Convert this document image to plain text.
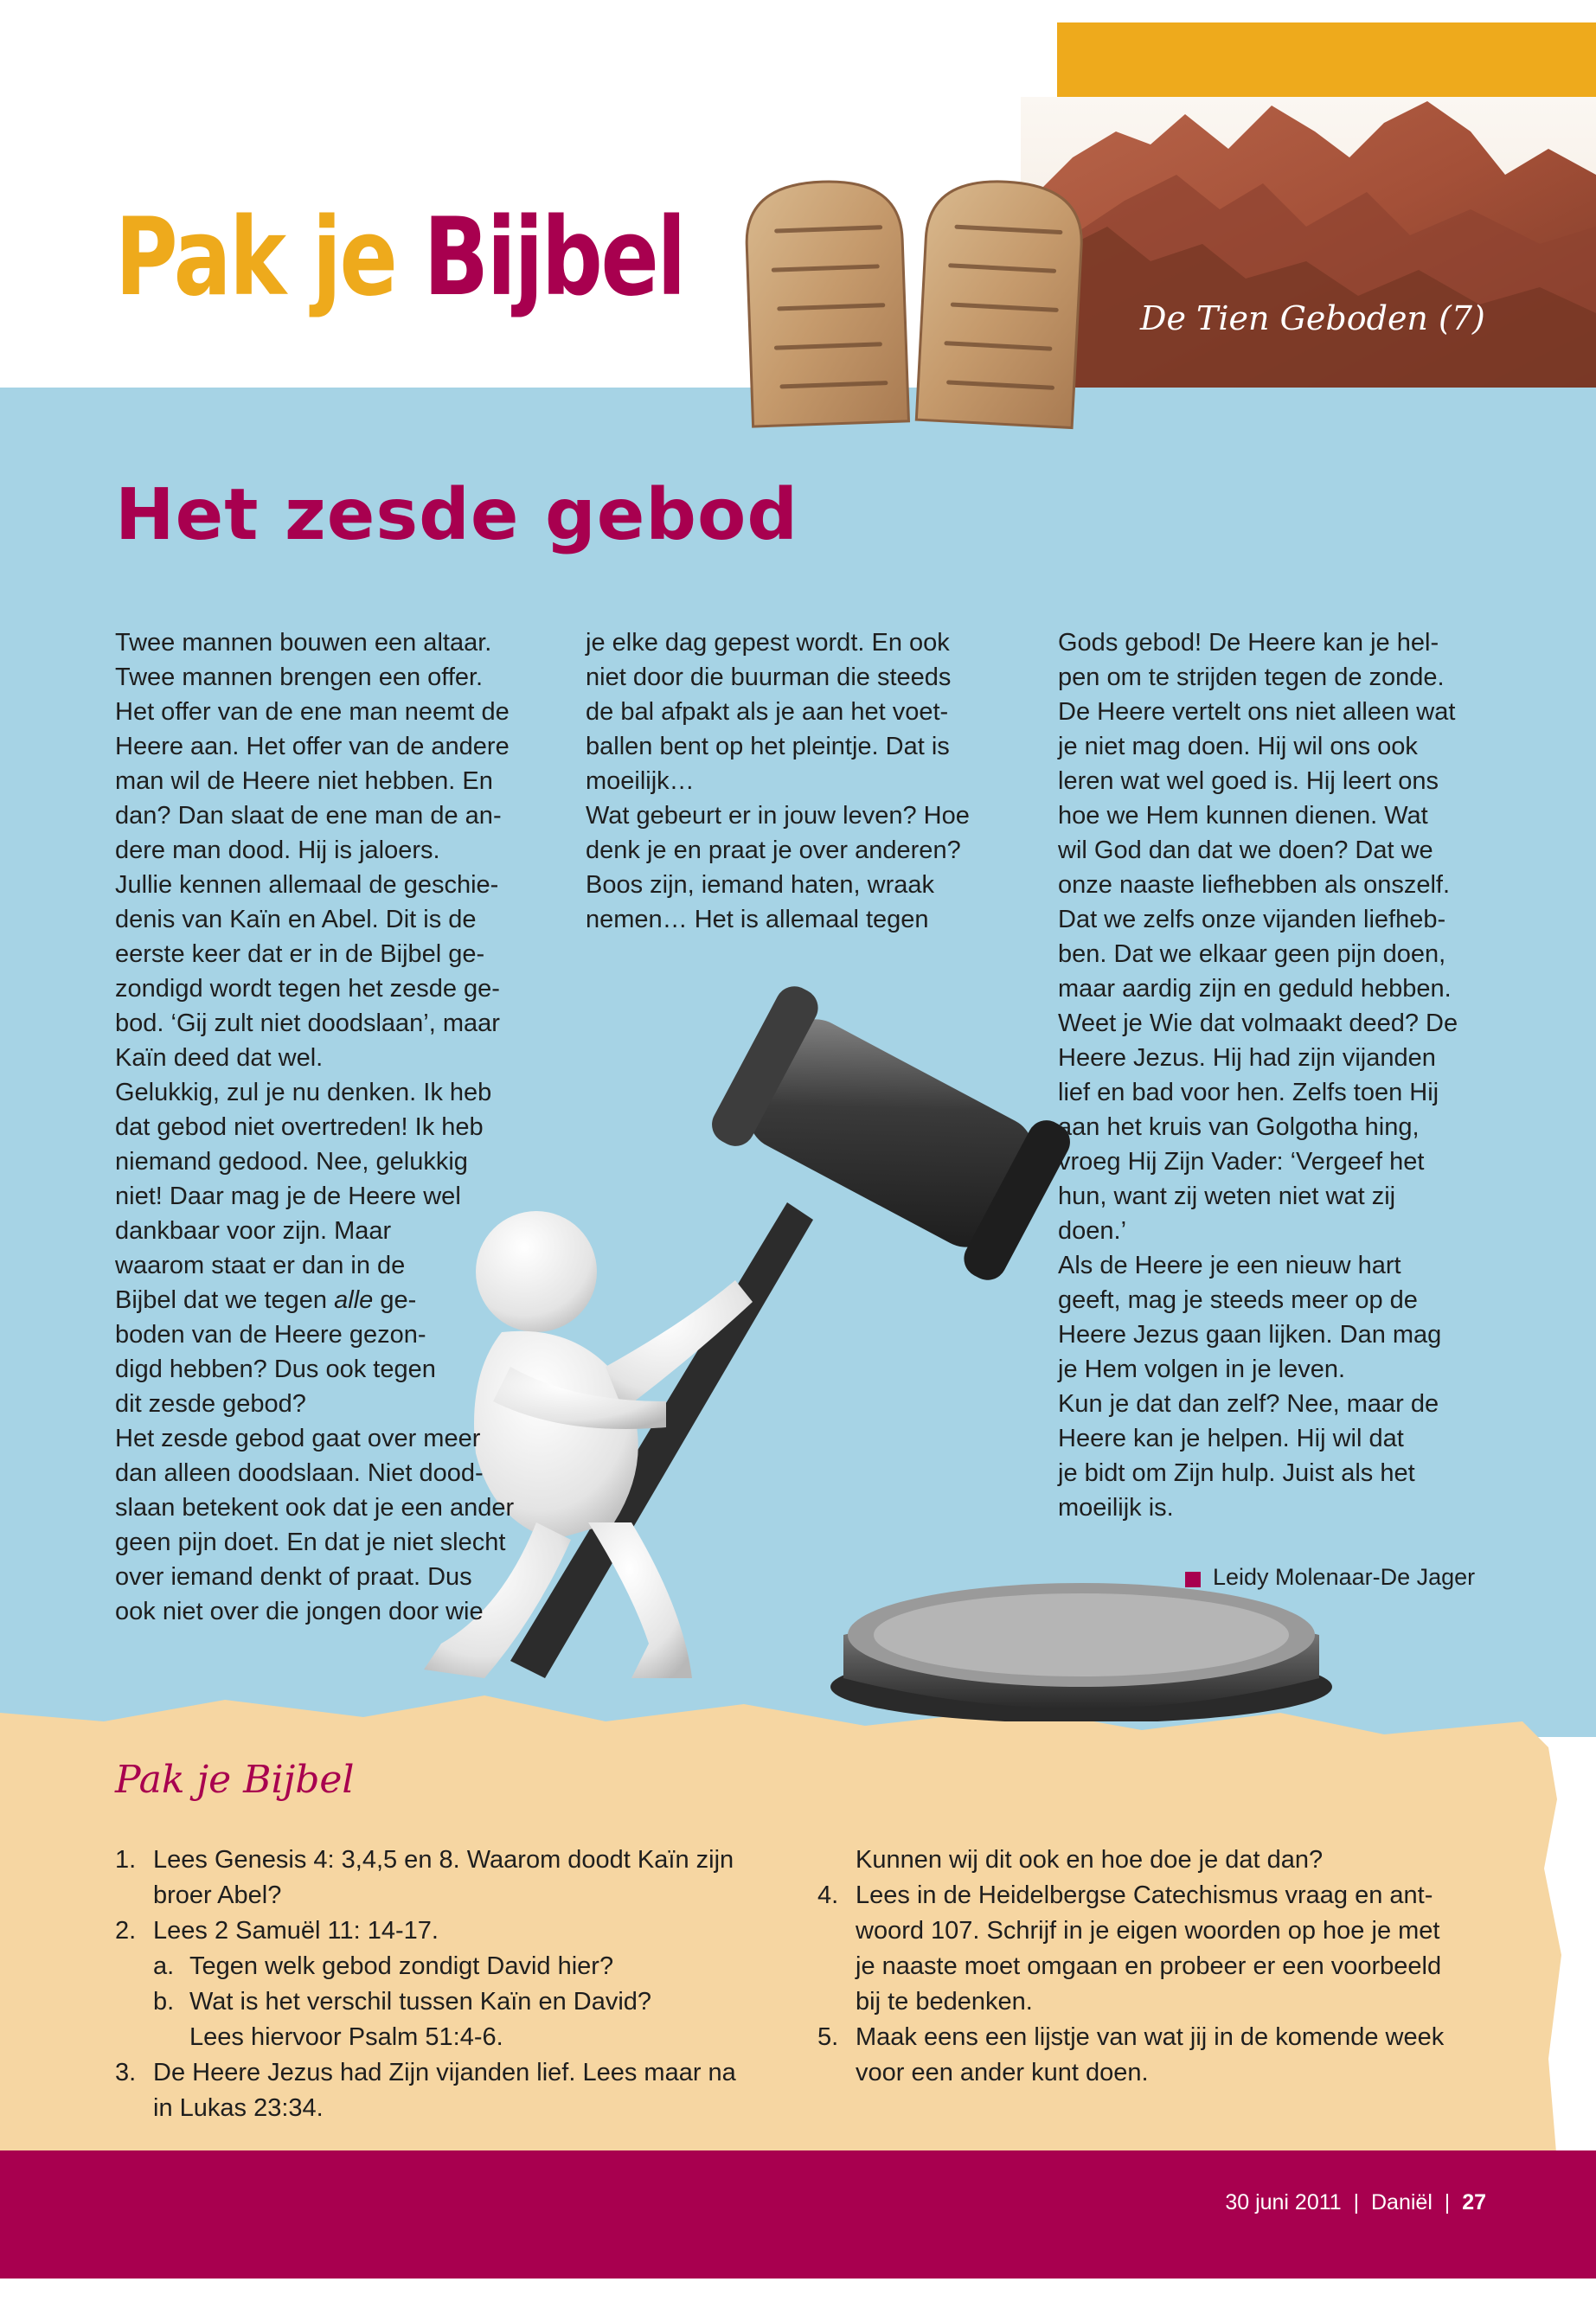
Pak je Bijbel	De Tien Geboden (7)
Het zesde gebod
Twee mannen bouwen een altaar.
Twee mannen brengen een offer.
Het offer van de ene man neemt de
Heere aan. Het offer van de andere
man wil de Heere niet hebben. En
dan? Dan slaat de ene man de an-
dere man dood. Hij is jaloers.
Jullie kennen allemaal de geschie-
denis van Kaïn en Abel. Dit is de
eerste keer dat er in de Bijbel ge-
zondigd wordt tegen het zesde ge-
bod. ‘Gij zult niet doodslaan’, maar
Kaïn deed dat wel.
Gelukkig, zul je nu denken. Ik heb
dat gebod niet overtreden! Ik heb
niemand gedood. Nee, gelukkig
niet! Daar mag je de Heere wel
dankbaar voor zijn. Maar
waarom staat er dan in de
Bijbel dat we tegen alle ge-
boden van de Heere gezon-
digd hebben? Dus ook tegen
dit zesde gebod?
Het zesde gebod gaat over meer
dan alleen doodslaan. Niet dood-
slaan betekent ook dat je een ander
geen pijn doet. En dat je niet slecht
over iemand denkt of praat. Dus
ook niet over die jongen door wie
je elke dag gepest wordt. En ook
niet door die buurman die steeds
de bal afpakt als je aan het voet-
ballen bent op het pleintje. Dat is
moeilijk…
Wat gebeurt er in jouw leven? Hoe
denk je en praat je over anderen?
Boos zijn, iemand haten, wraak
nemen… Het is allemaal tegen
Gods gebod! De Heere kan je hel-
pen om te strijden tegen de zonde.
De Heere vertelt ons niet alleen wat
je niet mag doen. Hij wil ons ook
leren wat wel goed is. Hij leert ons
hoe we Hem kunnen dienen. Wat
wil God dan dat we doen? Dat we
onze naaste liefhebben als onszelf.
Dat we zelfs onze vijanden liefheb-
ben. Dat we elkaar geen pijn doen,
maar aardig zijn en geduld hebben.
Weet je Wie dat volmaakt deed? De
Heere Jezus. Hij had zijn vijanden
lief en bad voor hen. Zelfs toen Hij
aan het kruis van Golgotha hing,
vroeg Hij Zijn Vader: ‘Vergeef het
hun, want zij weten niet wat zij
doen.’
Als de Heere je een nieuw hart
geeft, mag je steeds meer op de
Heere Jezus gaan lijken. Dan mag
je Hem volgen in je leven.
Kun je dat dan zelf? Nee, maar de
Heere kan je helpen. Hij wil dat
je bidt om Zijn hulp. Juist als het
moeilijk is.
Leidy Molenaar-De Jager
Pak je Bijbel
1. Lees Genesis 4: 3,4,5 en 8. Waarom doodt Kaïn zijn
broer Abel?
2. Lees 2 Samuël 11: 14-17.
a. Tegen welk gebod zondigt David hier?
b. Wat is het verschil tussen Kaïn en David?
Lees hiervoor Psalm 51:4-6.
3. De Heere Jezus had Zijn vijanden lief. Lees maar na
in Lukas 23:34.
Kunnen wij dit ook en hoe doe je dat dan?
4. Lees in de Heidelbergse Catechismus vraag en ant-
woord 107. Schrijf in je eigen woorden op hoe je met
je naaste moet omgaan en probeer er een voorbeeld
bij te bedenken.
5. Maak eens een lijstje van wat jij in de komende week
voor een ander kunt doen.
30 juni 2011 | Daniël | 27
